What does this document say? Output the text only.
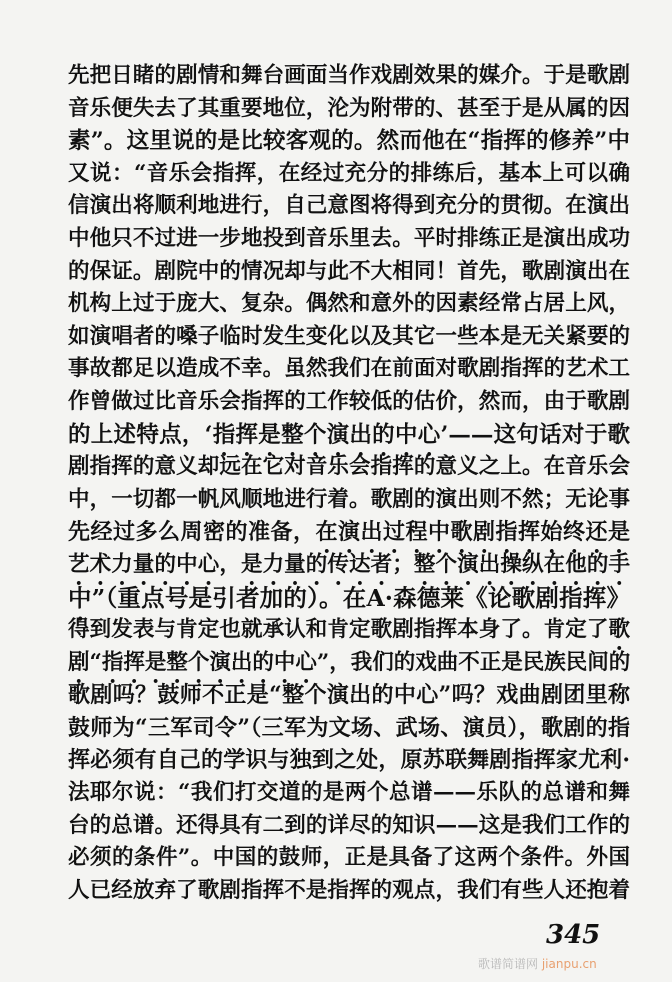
先把日睹的剧情和舞台画面当作戏剧效果的媒介。于是歌剧
音乐便失去了其重要地位，沦为附带的、甚至于是从属的因
素”。这里说的是比较客观的。然而他在“指挥的修养”中
又说：“音乐会指挥，在经过充分的排练后，基本上可以确
信演出将顺利地进行，自己意图将得到充分的贯彻。在演出
中他只不过进一步地投到音乐里去。平时排练正是演出成功
的保证。剧院中的情况却与此不大相同！首先，歌剧演出在
机构上过于庞大、复杂。偶然和意外的因素经常占居上风，
如演唱者的嗓子临时发生变化以及其它一些本是无关紧要的
事故都足以造成不幸。虽然我们在前面对歌剧指挥的艺术工
作曾做过比音乐会指挥的工作较低的估价，然而，由于歌剧
的上述特点，‘指挥是整个演出的中心’——这句话对于歌
剧指挥的意义却远在它对音乐会指挥的意义之上。在音乐会
中，一切都一帆风顺地进行着。歌剧的演出则不然；无论事
先经过多么周密的准备，在演出过程中歌剧指挥始终还是
艺术力量的中心，是力量的传达者；整个演出操纵在他的手
中”（重点号是引者加的）。在A·森德莱《论歌剧指挥》
得到发表与肯定也就承认和肯定歌剧指挥本身了。肯定了歌
剧“指挥是整个演出的中心”，我们的戏曲不正是民族民间的
歌剧吗？鼓师不正是“整个演出的中心”吗？戏曲剧团里称
鼓师为“三军司令”（三军为文场、武场、演员），歌剧的指
挥必须有自己的学识与独到之处，原苏联舞剧指挥家尤利·
法耶尔说：“我们打交道的是两个总谱——乐队的总谱和舞
台的总谱。还得具有二到的详尽的知识——这是我们工作的
必须的条件”。中国的鼓师，正是具备了这两个条件。外国
人已经放弃了歌剧指挥不是指挥的观点，我们有些人还抱着
345
歌谱简谱网 jianpu.cn
